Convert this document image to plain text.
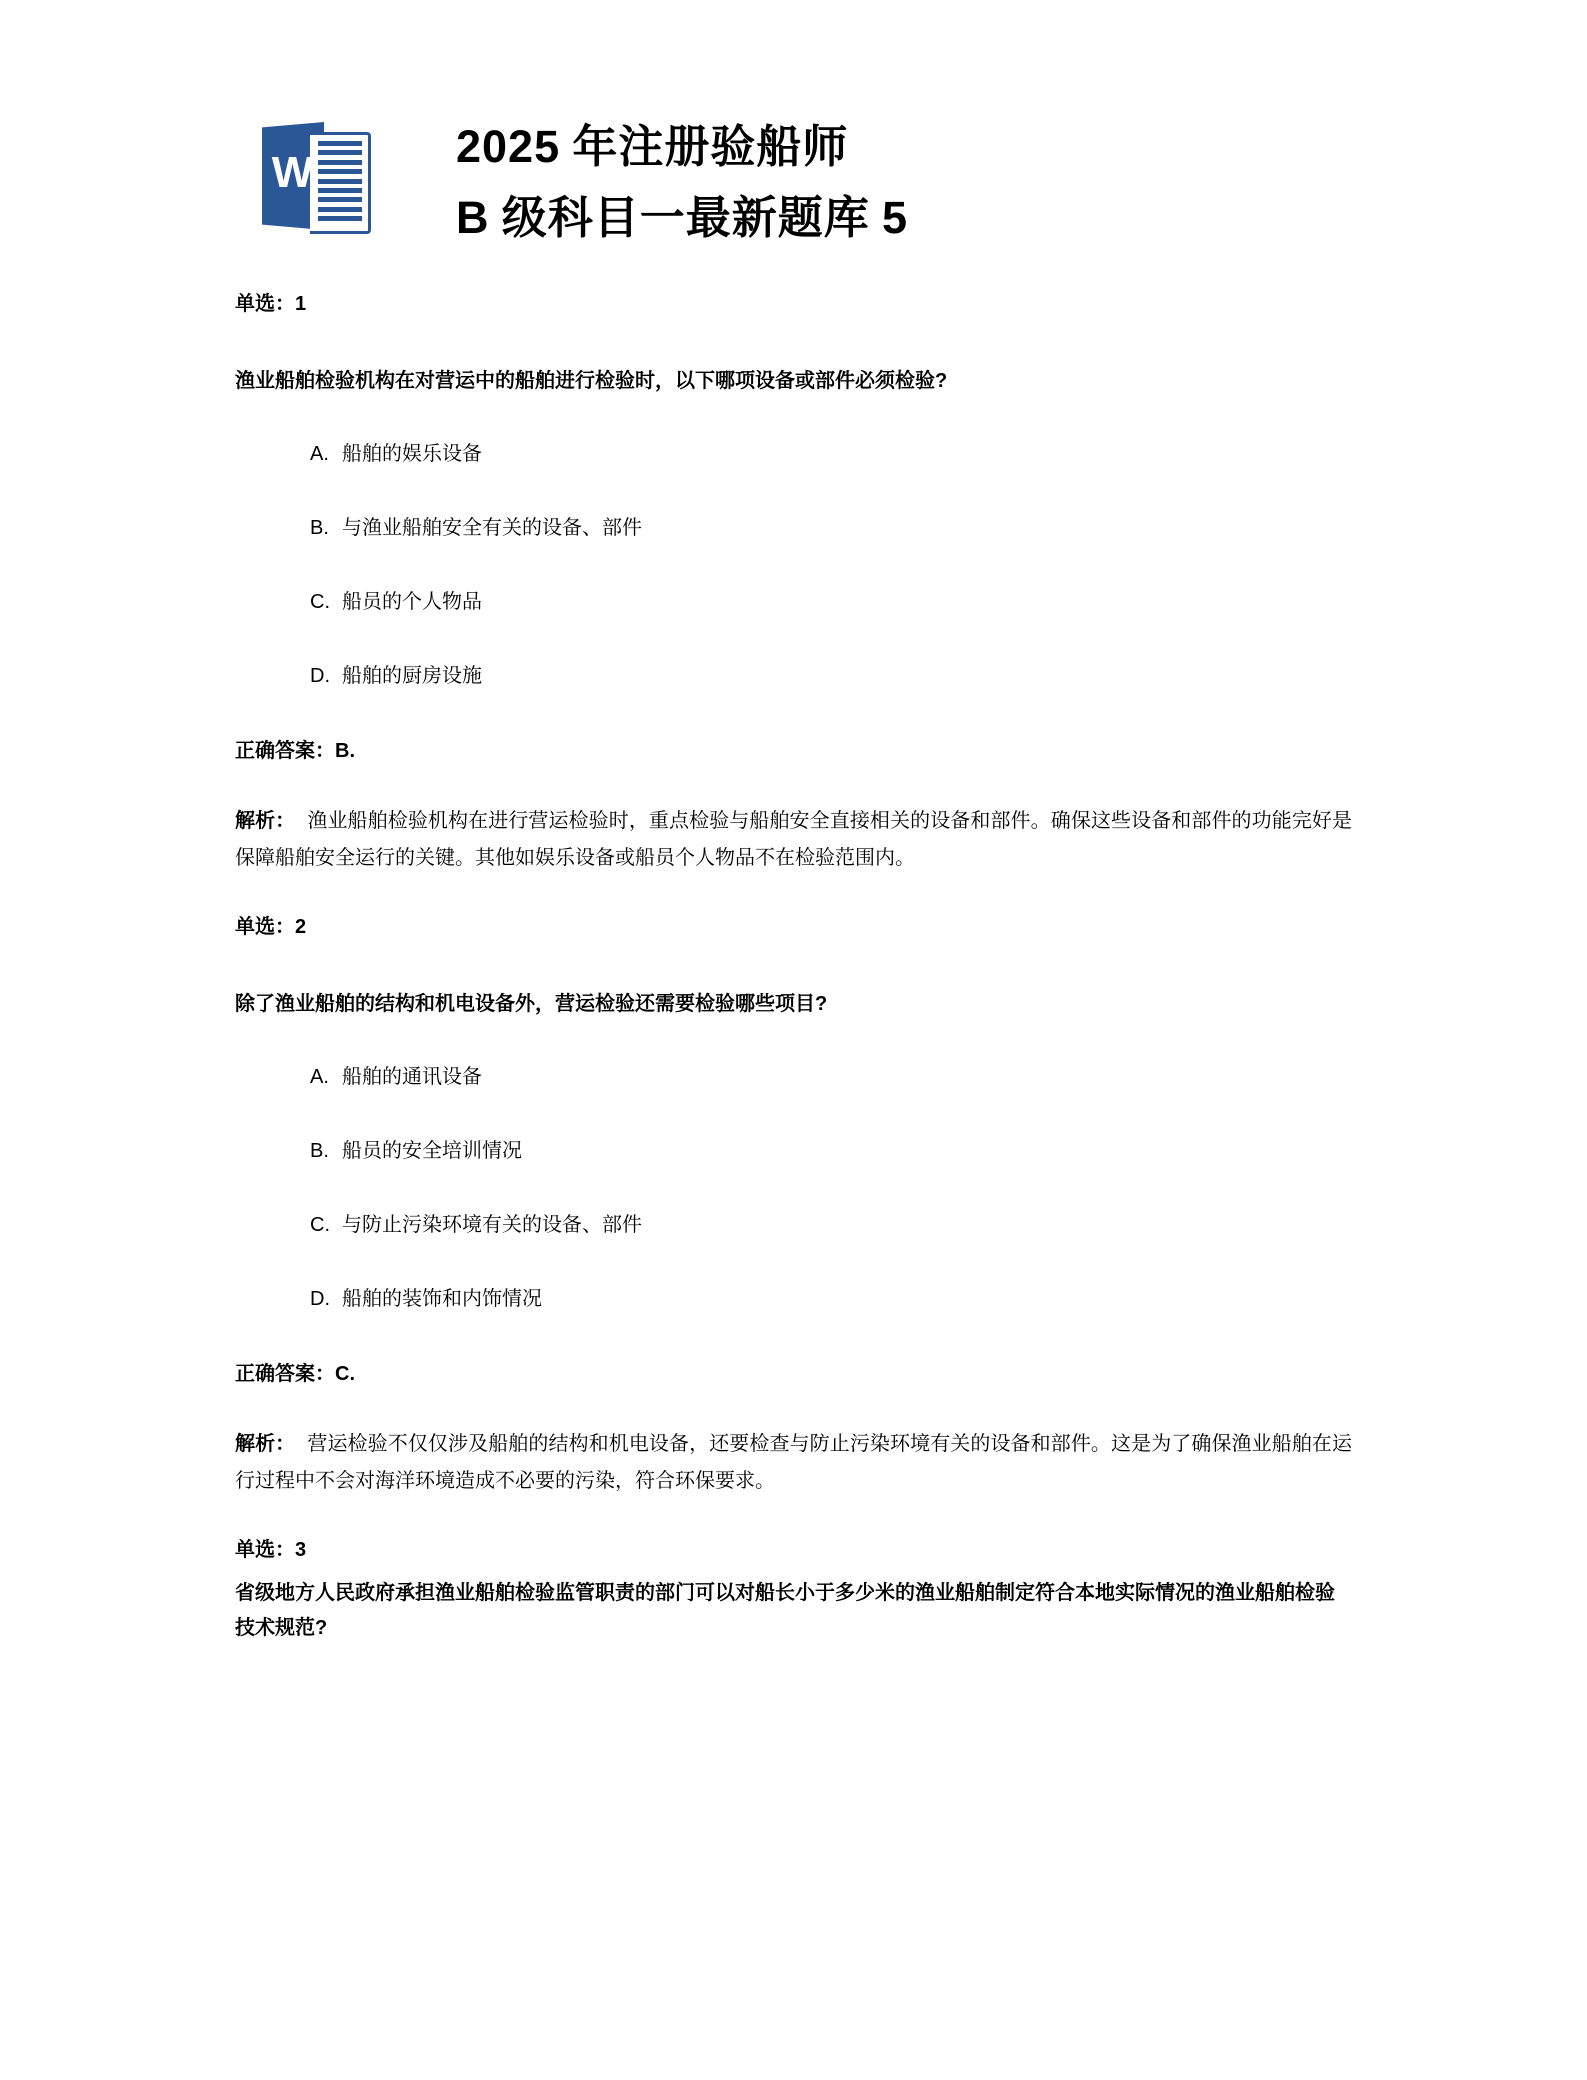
W
2025 年注册验船师
B 级科目一最新题库 5
单选：1
渔业船舶检验机构在对营运中的船舶进行检验时，以下哪项设备或部件必须检验?
A. 船舶的娱乐设备
B. 与渔业船舶安全有关的设备、部件
C. 船员的个人物品
D. 船舶的厨房设施
正确答案：B.
解析： 渔业船舶检验机构在进行营运检验时，重点检验与船舶安全直接相关的设备和部件。确保这些设备和部件的功能完好是保障船舶安全运行的关键。其他如娱乐设备或船员个人物品不在检验范围内。
单选：2
除了渔业船舶的结构和机电设备外，营运检验还需要检验哪些项目?
A. 船舶的通讯设备
B. 船员的安全培训情况
C. 与防止污染环境有关的设备、部件
D. 船舶的装饰和内饰情况
正确答案：C.
解析： 营运检验不仅仅涉及船舶的结构和机电设备，还要检查与防止污染环境有关的设备和部件。这是为了确保渔业船舶在运行过程中不会对海洋环境造成不必要的污染，符合环保要求。
单选：3
省级地方人民政府承担渔业船舶检验监管职责的部门可以对船长小于多少米的渔业船舶制定符合本地实际情况的渔业船舶检验技术规范?
